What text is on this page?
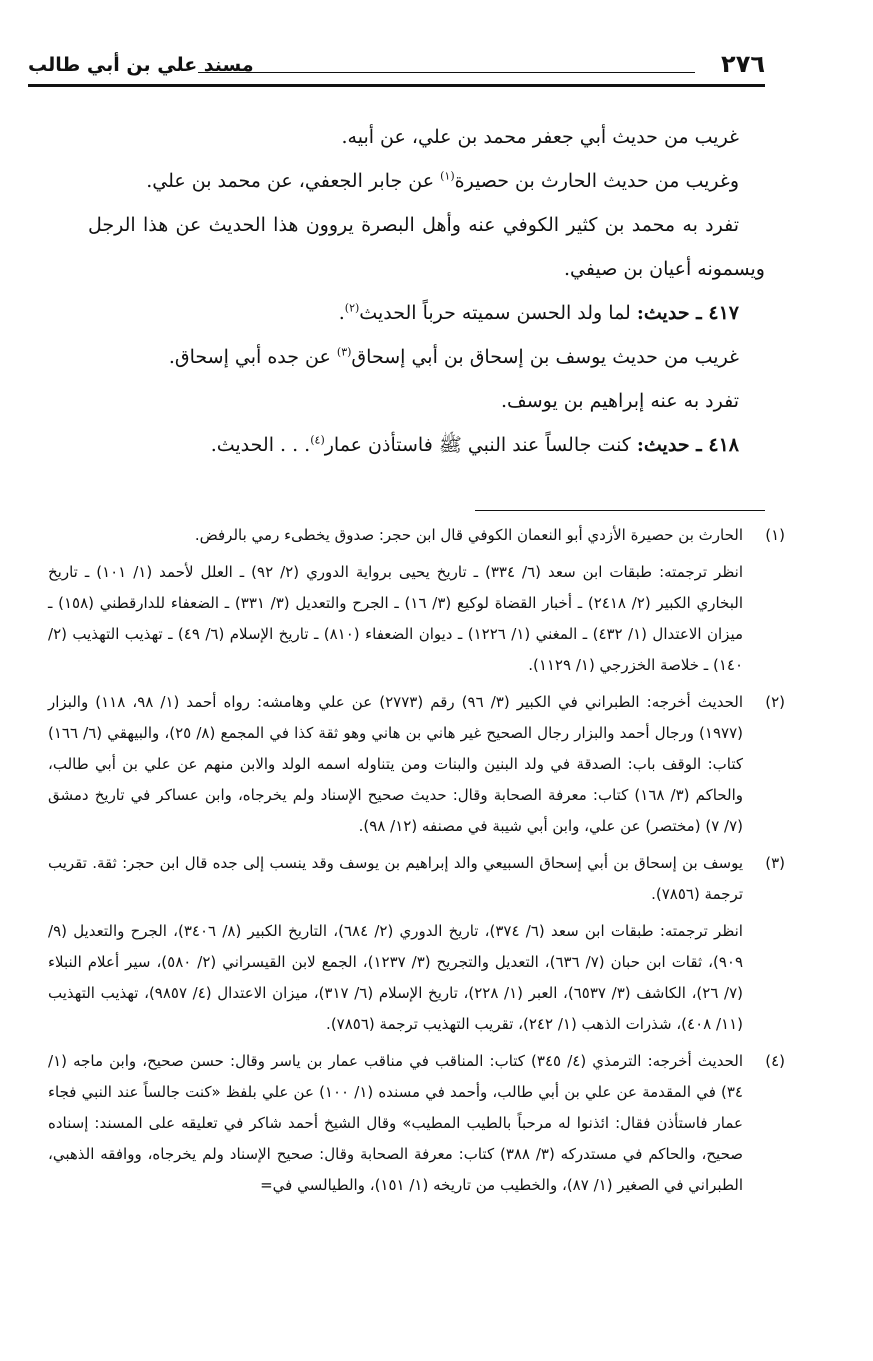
٢٧٦
مسند علي بن أبي طالب

غريب من حديث أبي جعفر محمد بن علي، عن أبيه.

وغريب من حديث الحارث بن حصيرة$^{(١)}$ عن جابر الجعفي، عن محمد بن علي.

تفرد به محمد بن كثير الكوفي عنه وأهل البصرة يروون هذا الحديث عن هذا الرجل ويسمونه أعيان بن صيفي.

٤١٧ ـ حديث: لما ولد الحسن سميته حرباً الحديث$^{(٢)}$.

غريب من حديث يوسف بن إسحاق بن أبي إسحاق$^{(٣)}$ عن جده أبي إسحاق.

تفرد به عنه إبراهيم بن يوسف.

٤١٨ ـ حديث: كنت جالساً عند النبي ﷺ فاستأذن عمار$^{(٤)}$. . . الحديث.

(١)

الحارث بن حصيرة الأزدي أبو النعمان الكوفي قال ابن حجر: صدوق يخطىء رمي بالرفض.

انظر ترجمته: طبقات ابن سعد (٦/ ٣٣٤) ـ تاريخ يحيى برواية الدوري (٢/ ٩٢) ـ العلل لأحمد (١/ ١٠١) ـ تاريخ البخاري الكبير (٢/ ٢٤١٨) ـ أخبار القضاة لوكيع (٣/ ١٦) ـ الجرح والتعديل (٣/ ٣٣١) ـ الضعفاء للدارقطني (١٥٨) ـ ميزان الاعتدال (١/ ٤٣٢) ـ المغني (١/ ١٢٢٦) ـ ديوان الضعفاء (٨١٠) ـ تاريخ الإسلام (٦/ ٤٩) ـ تهذيب التهذيب (٢/ ١٤٠) ـ خلاصة الخزرجي (١/ ١١٢٩).

(٢)

الحديث أخرجه: الطبراني في الكبير (٣/ ٩٦) رقم (٢٧٧٣) عن علي وهامشه: رواه أحمد (١/ ٩٨، ١١٨) والبزار (١٩٧٧) ورجال أحمد والبزار رجال الصحيح غير هاني بن هاني وهو ثقة كذا في المجمع (٨/ ٢٥)، والبيهقي (٦/ ١٦٦) كتاب: الوقف باب: الصدقة في ولد البنين والبنات ومن يتناوله اسمه الولد والابن منهم عن علي بن أبي طالب، والحاكم (٣/ ١٦٨) كتاب: معرفة الصحابة وقال: حديث صحيح الإسناد ولم يخرجاه، وابن عساكر في تاريخ دمشق (٧/ ٧) (مختصر) عن علي، وابن أبي شيبة في مصنفه (١٢/ ٩٨).

(٣)

يوسف بن إسحاق بن أبي إسحاق السبيعي والد إبراهيم بن يوسف وقد ينسب إلى جده قال ابن حجر: ثقة. تقريب ترجمة (٧٨٥٦).

انظر ترجمته: طبقات ابن سعد (٦/ ٣٧٤)، تاريخ الدوري (٢/ ٦٨٤)، التاريخ الكبير (٨/ ٣٤٠٦)، الجرح والتعديل (٩/ ٩٠٩)، ثقات ابن حبان (٧/ ٦٣٦)، التعديل والتجريح (٣/ ١٢٣٧)، الجمع لابن القيسراني (٢/ ٥٨٠)، سير أعلام النبلاء (٧/ ٢٦)، الكاشف (٣/ ٦٥٣٧)، العبر (١/ ٢٢٨)، تاريخ الإسلام (٦/ ٣١٧)، ميزان الاعتدال (٤/ ٩٨٥٧)، تهذيب التهذيب (١١/ ٤٠٨)، شذرات الذهب (١/ ٢٤٢)، تقريب التهذيب ترجمة (٧٨٥٦).

(٤)

الحديث أخرجه: الترمذي (٤/ ٣٤٥) كتاب: المناقب في مناقب عمار بن ياسر وقال: حسن صحيح، وابن ماجه (١/ ٣٤) في المقدمة عن علي بن أبي طالب، وأحمد في مسنده (١/ ١٠٠) عن علي بلفظ «كنت جالساً عند النبي فجاء عمار فاستأذن فقال: ائذنوا له مرحباً بالطيب المطيب» وقال الشيخ أحمد شاكر في تعليقه على المسند: إسناده صحيح، والحاكم في مستدركه (٣/ ٣٨٨) كتاب: معرفة الصحابة وقال: صحيح الإسناد ولم يخرجاه، ووافقه الذهبي، الطبراني في الصغير (١/ ٨٧)، والخطيب من تاريخه (١/ ١٥١)، والطيالسي في=
